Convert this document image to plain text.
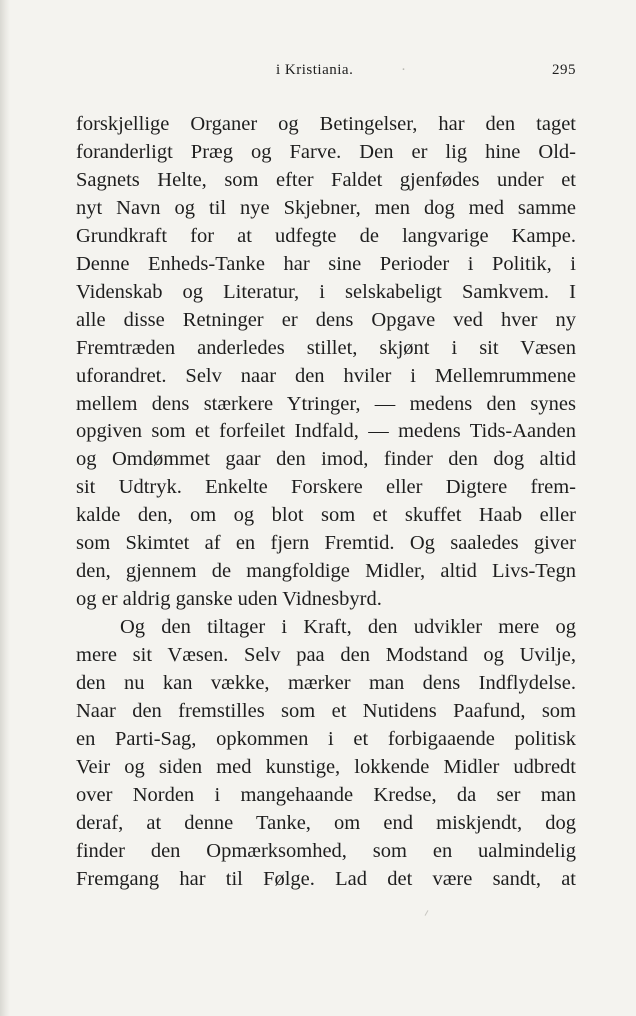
i Kristiania.	·	295
forskjellige Organer og Betingelser, har den taget
foranderligt Præg og Farve. Den er lig hine Old-
Sagnets Helte, som efter Faldet gjenfødes under et
nyt Navn og til nye Skjebner, men dog med samme
Grundkraft for at udfegte de langvarige Kampe.
Denne Enheds-Tanke har sine Perioder i Politik, i
Videnskab og Literatur, i selskabeligt Samkvem. I
alle disse Retninger er dens Opgave ved hver ny
Fremtræden anderledes stillet, skjønt i sit Væsen
uforandret. Selv naar den hviler i Mellemrummene
mellem dens stærkere Ytringer, — medens den synes
opgiven som et forfeilet Indfald, — medens Tids-Aanden
og Omdømmet gaar den imod, finder den dog altid
sit Udtryk. Enkelte Forskere eller Digtere frem-
kalde den, om og blot som et skuffet Haab eller
som Skimtet af en fjern Fremtid. Og saaledes giver
den, gjennem de mangfoldige Midler, altid Livs-Tegn
og er aldrig ganske uden Vidnesbyrd.
Og den tiltager i Kraft, den udvikler mere og
mere sit Væsen. Selv paa den Modstand og Uvilje,
den nu kan vække, mærker man dens Indflydelse.
Naar den fremstilles som et Nutidens Paafund, som
en Parti-Sag, opkommen i et forbigaaende politisk
Veir og siden med kunstige, lokkende Midler udbredt
over Norden i mangehaande Kredse, da ser man
deraf, at denne Tanke, om end miskjendt, dog
finder den Opmærksomhed, som en ualmindelig
Fremgang har til Følge. Lad det være sandt, at
